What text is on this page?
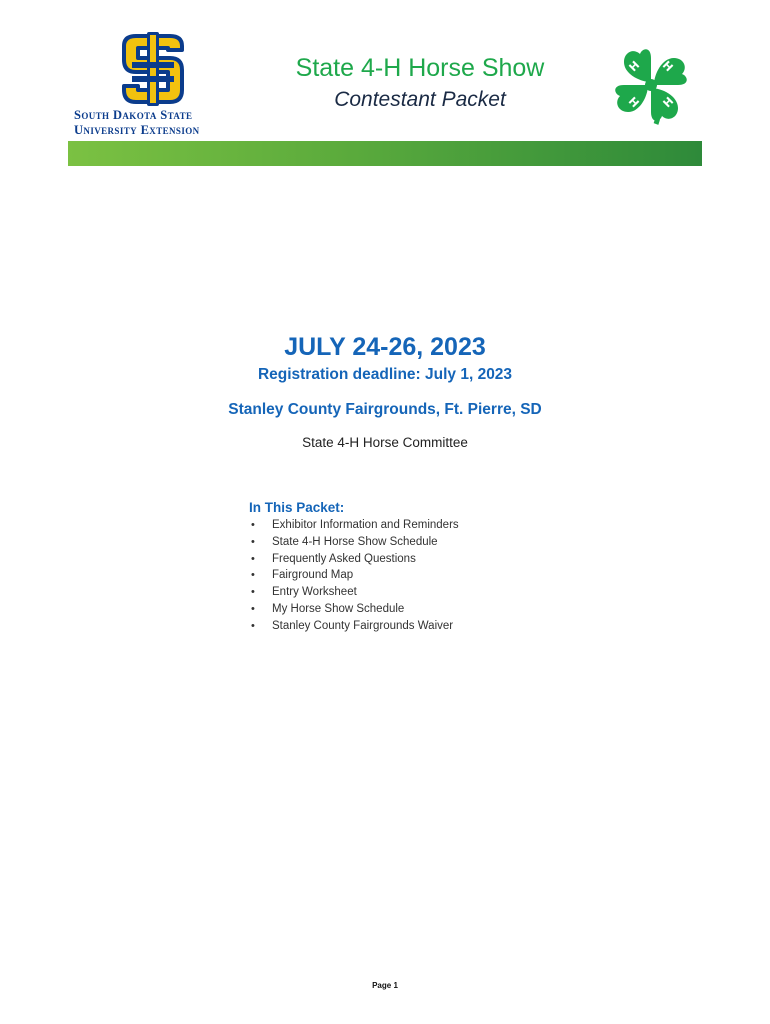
South Dakota State
University Extension
State 4-H Horse Show
Contestant Packet
H H
H H
JULY 24-26, 2023
Registration deadline: July 1, 2023
Stanley County Fairgrounds, Ft. Pierre, SD
State 4-H Horse Committee
In This Packet:
• Exhibitor Information and Reminders
• State 4-H Horse Show Schedule
• Frequently Asked Questions
• Fairground Map
• Entry Worksheet
• My Horse Show Schedule
• Stanley County Fairgrounds Waiver
Page 1
